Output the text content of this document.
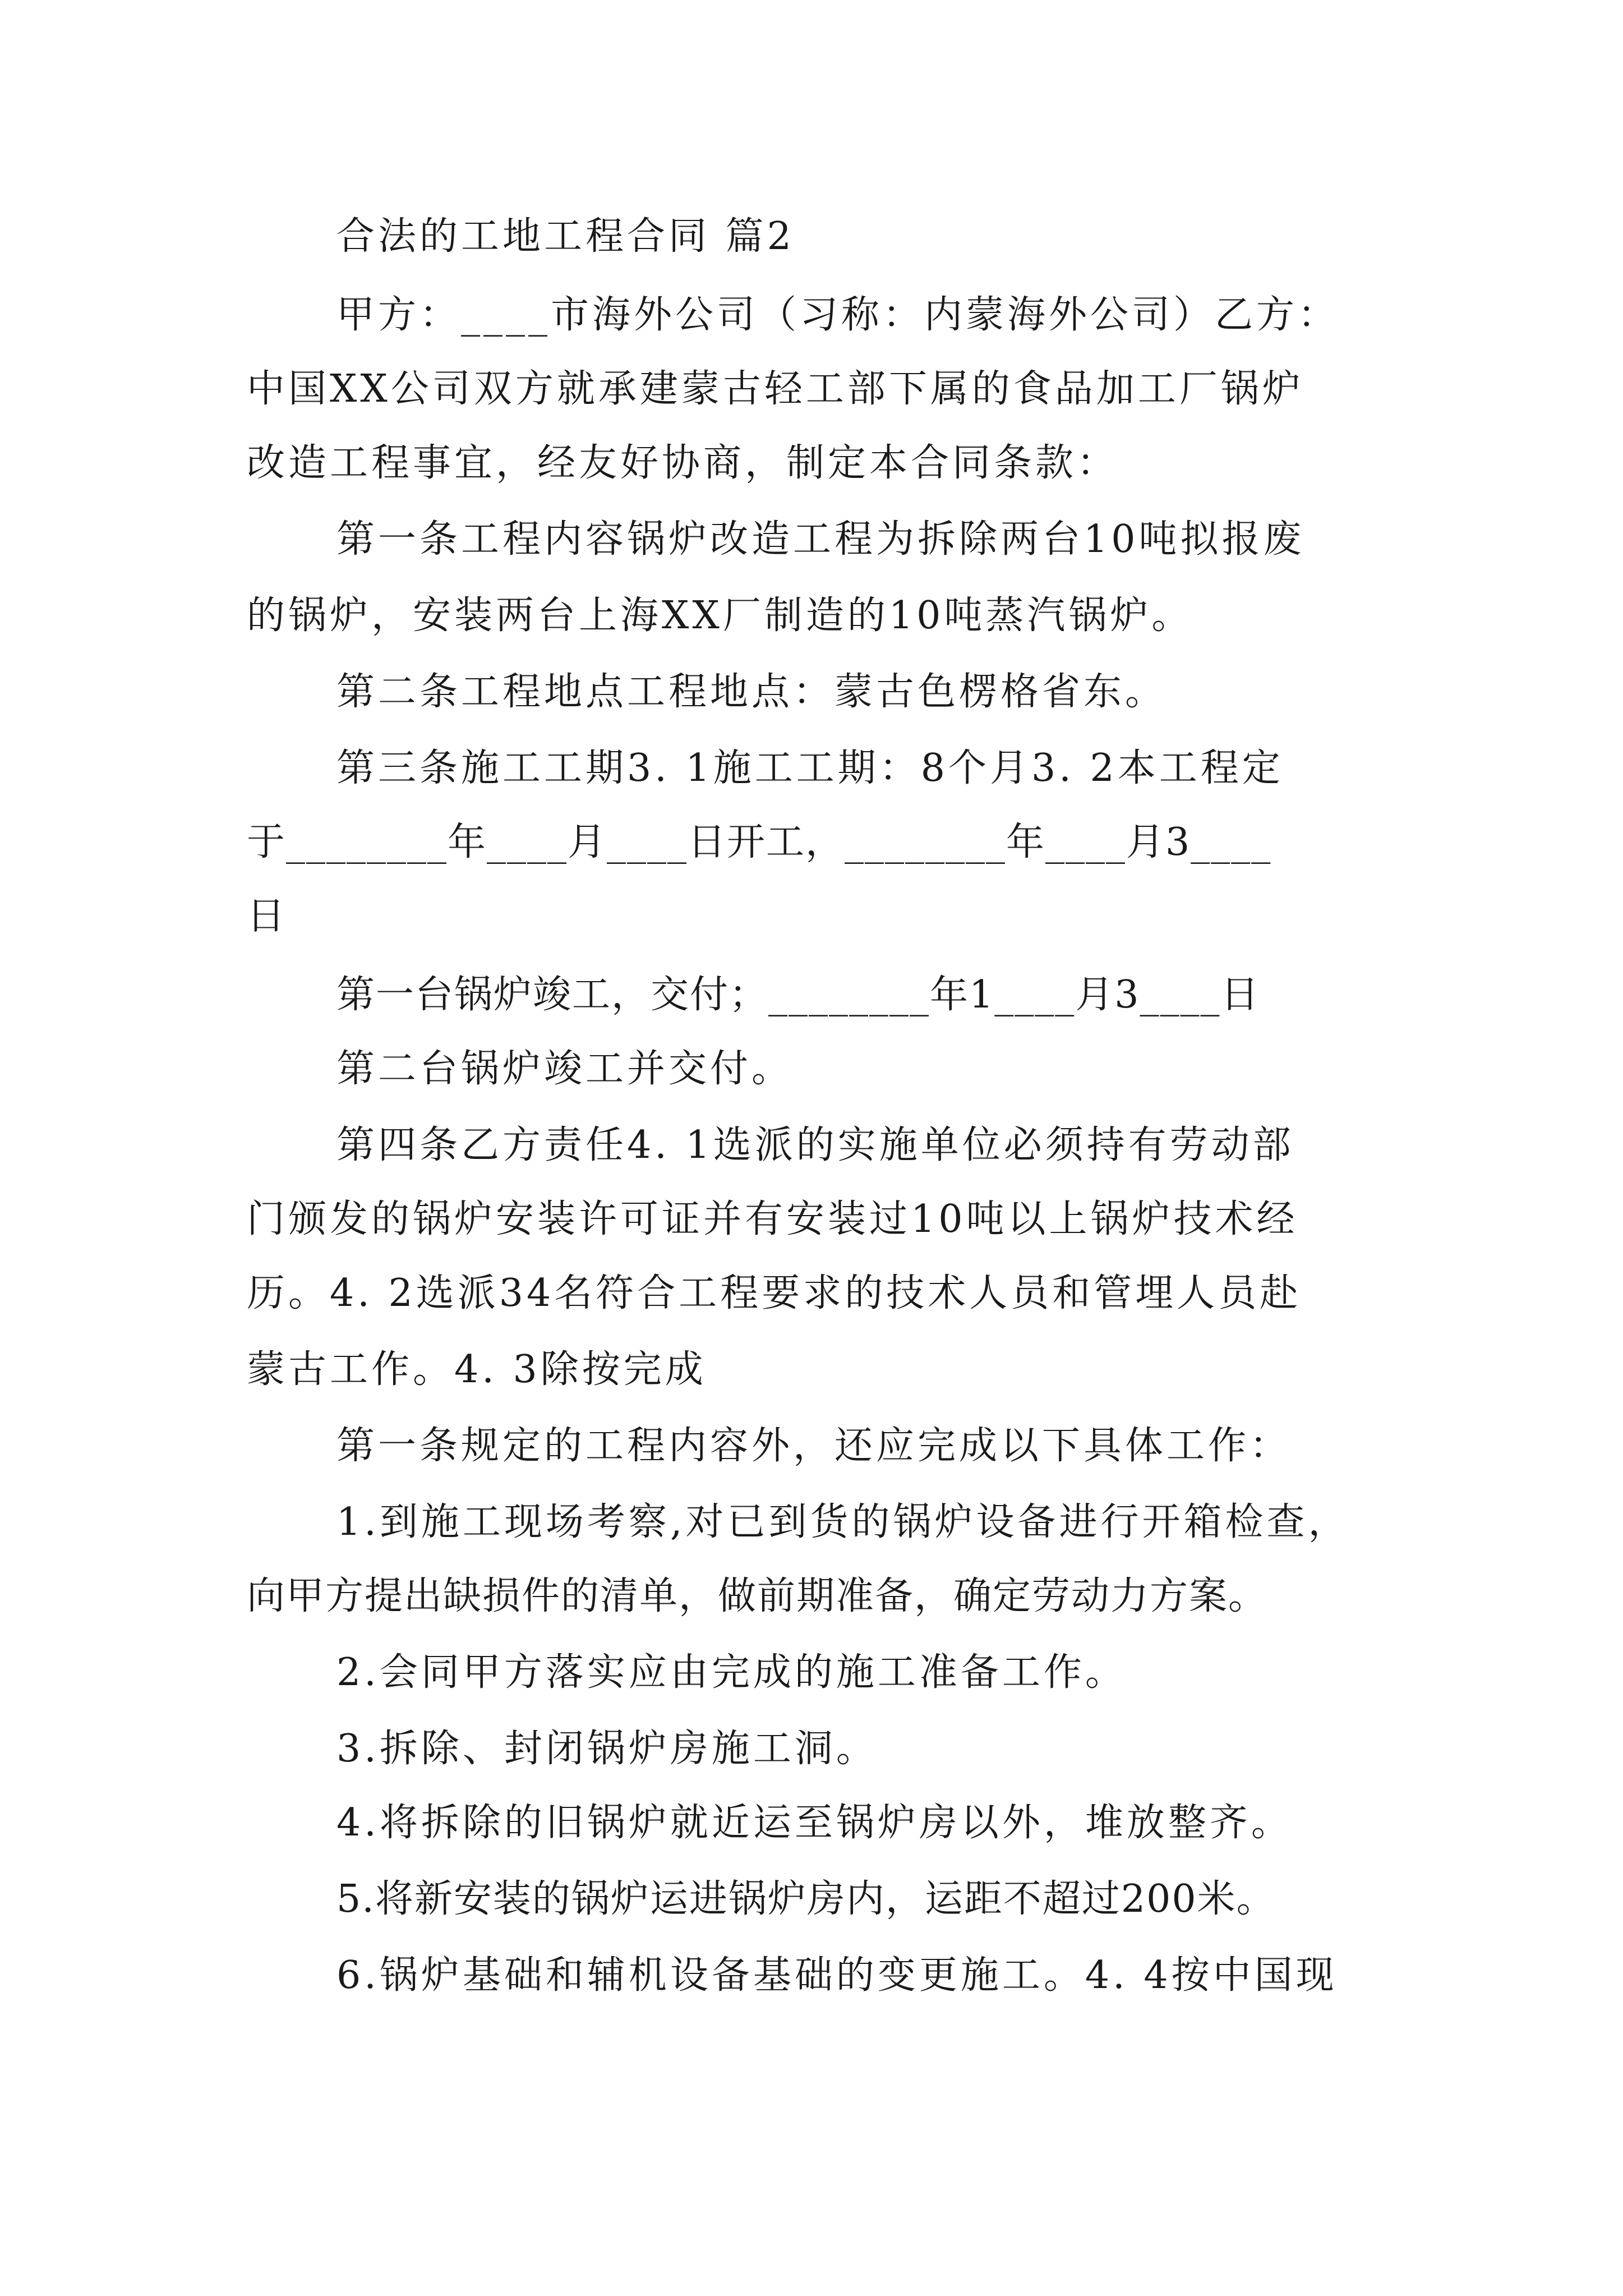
合法的工地工程合同 篇2
甲方：____市海外公司（习称：内蒙海外公司）乙方：
中国XX公司双方就承建蒙古轻工部下属的食品加工厂锅炉
改造工程事宜，经友好协商，制定本合同条款：
第一条工程内容锅炉改造工程为拆除两台10吨拟报废
的锅炉，安装两台上海XX厂制造的10吨蒸汽锅炉。
第二条工程地点工程地点：蒙古色楞格省东。
第三条施工工期3. 1施工工期：8个月3. 2本工程定
于________年____月____日开工，________年____月3____
日
第一台锅炉竣工，交付；________年1____月3____日
第二台锅炉竣工并交付。
第四条乙方责任4. 1选派的实施单位必须持有劳动部
门颁发的锅炉安装许可证并有安装过10吨以上锅炉技术经
历。4. 2选派34名符合工程要求的技术人员和管埋人员赴
蒙古工作。4. 3除按完成
第一条规定的工程内容外，还应完成以下具体工作：
1.到施工现场考察,对已到货的锅炉设备进行开箱检查，
向甲方提出缺损件的清单，做前期准备，确定劳动力方案。
2.会同甲方落实应由完成的施工准备工作。
3.拆除、封闭锅炉房施工洞。
4.将拆除的旧锅炉就近运至锅炉房以外，堆放整齐。
5.将新安装的锅炉运进锅炉房内，运距不超过200米。
6.锅炉基础和辅机设备基础的变更施工。4. 4按中国现
